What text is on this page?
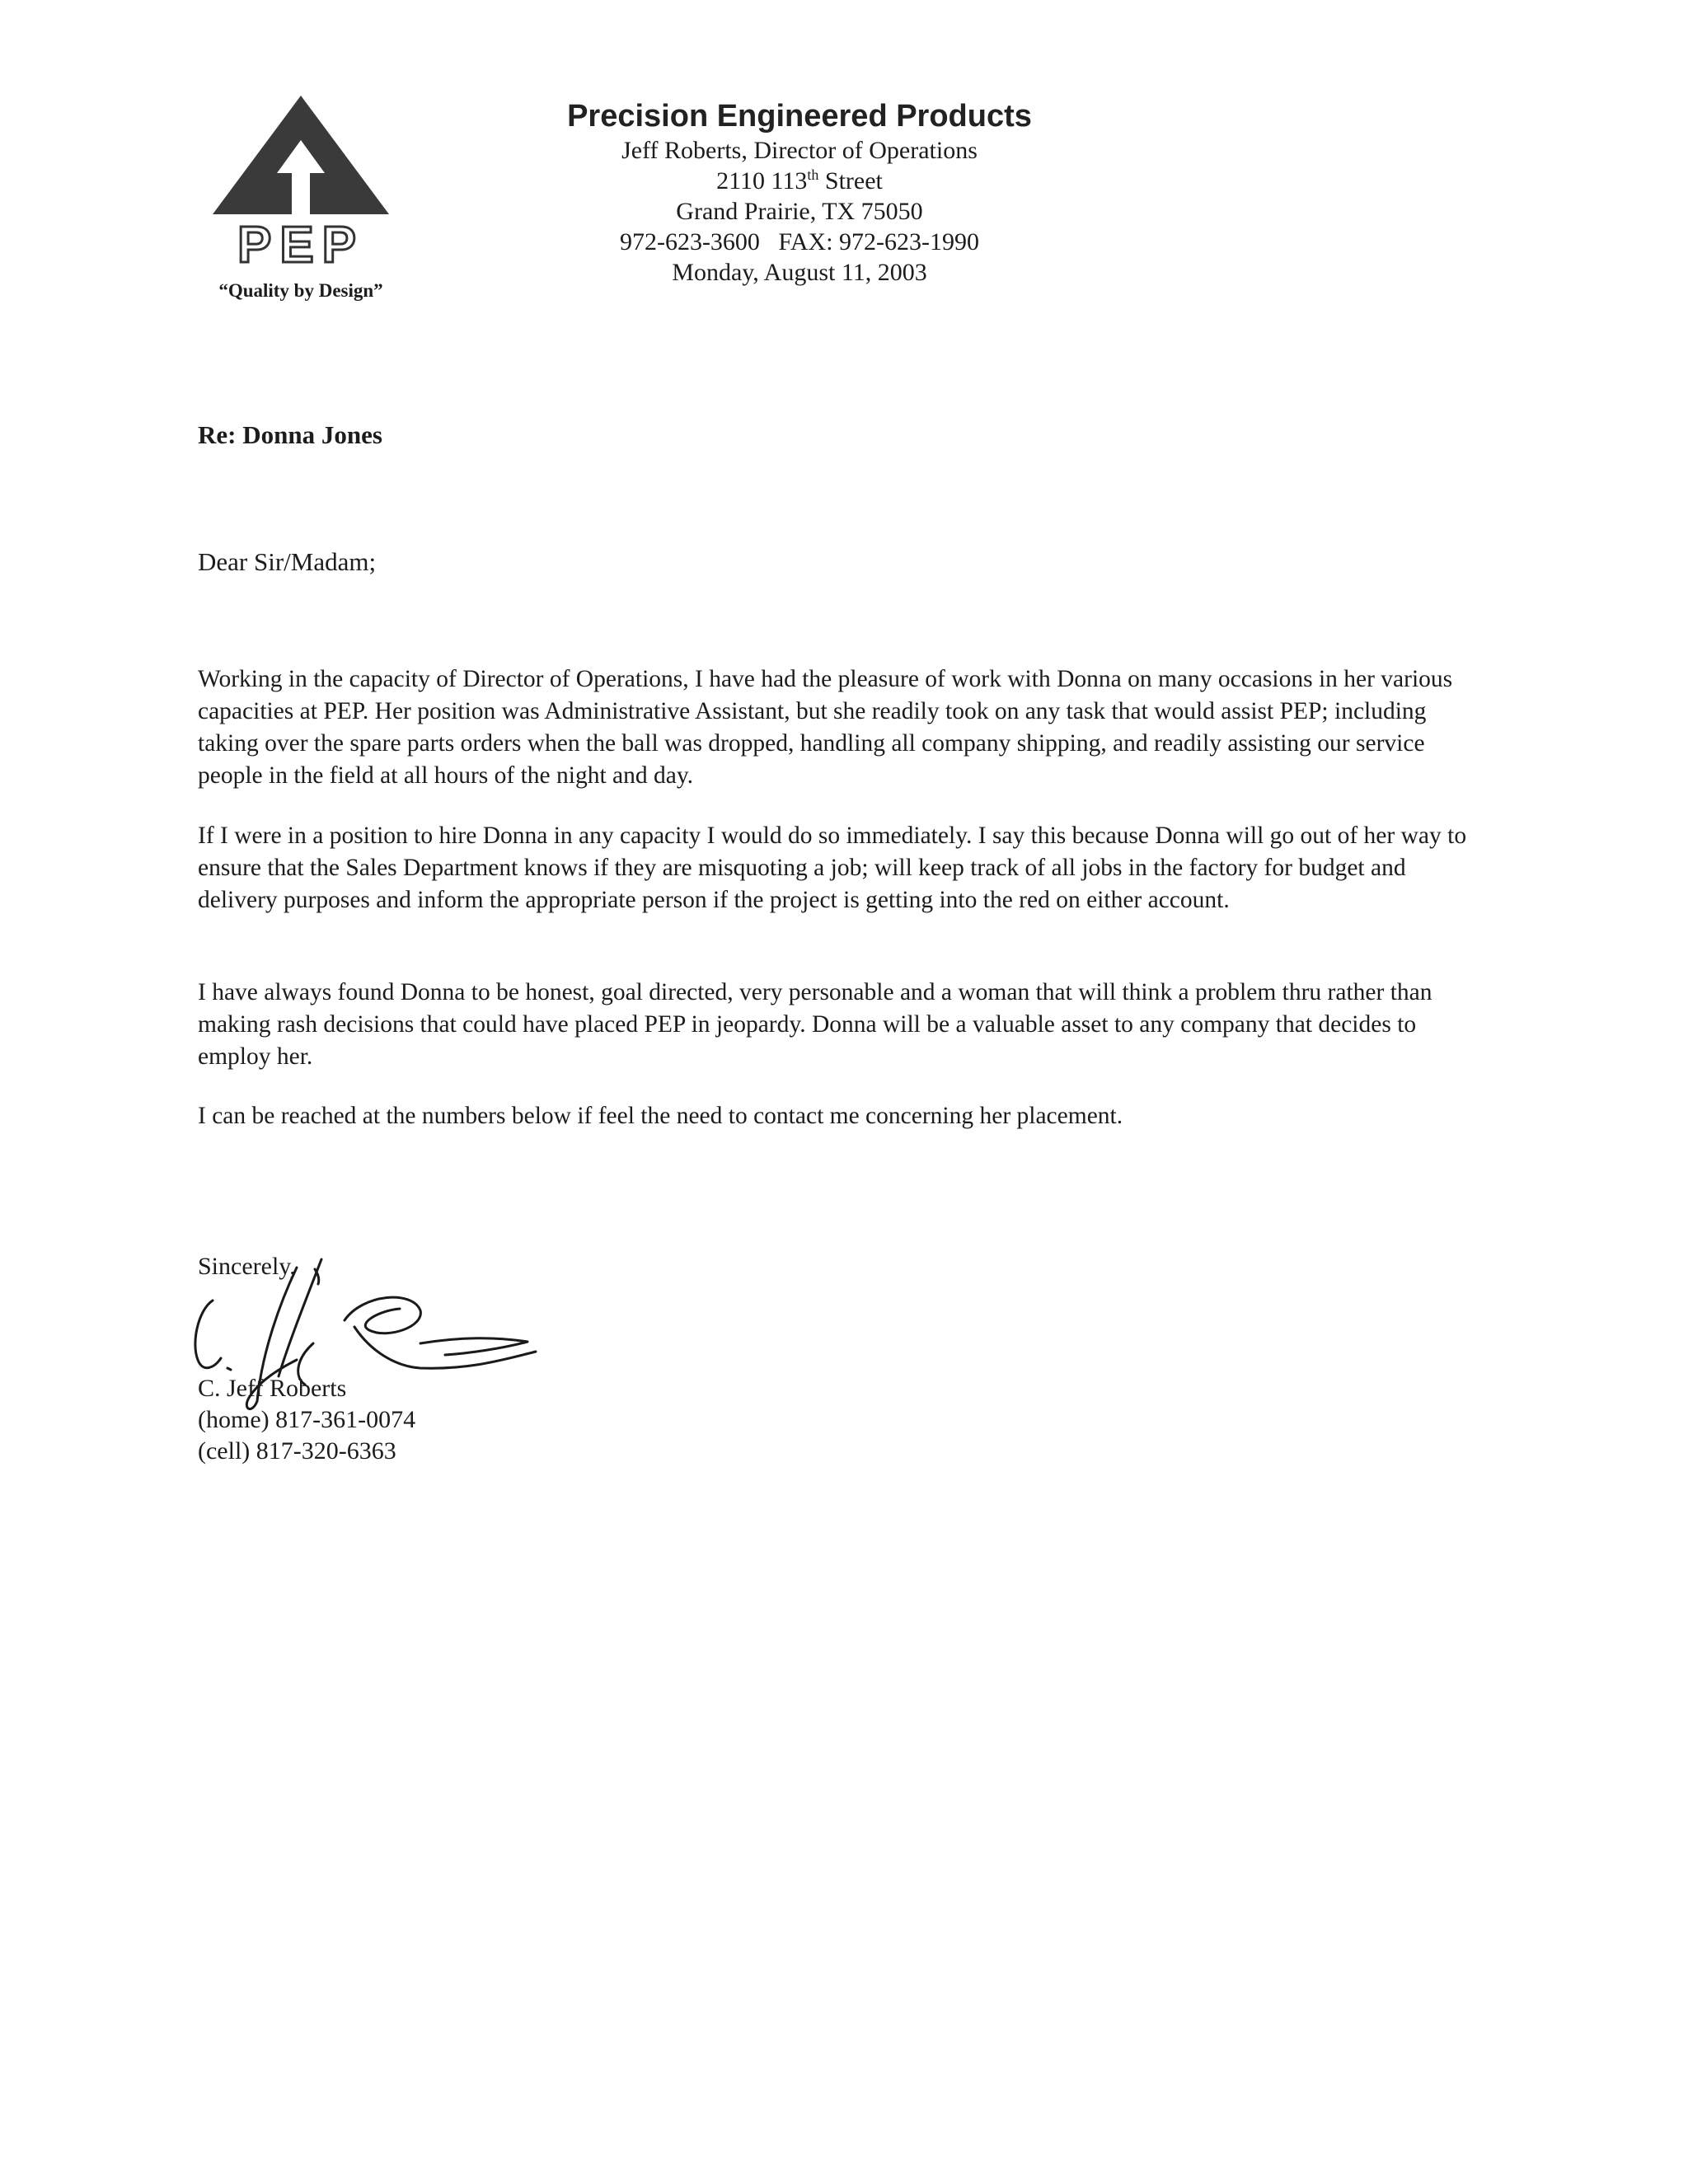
PEP
“Quality by Design”
Precision Engineered Products
Jeff Roberts, Director of Operations
2110 113th Street
Grand Prairie, TX 75050
972-623-3600   FAX: 972-623-1990
Monday, August 11, 2003
Re: Donna Jones
Dear Sir/Madam;
Working in the capacity of Director of Operations, I have had the pleasure of work with Donna on many occasions in her various capacities at PEP. Her position was Administrative Assistant, but she readily took on any task that would assist PEP; including taking over the spare parts orders when the ball was dropped, handling all company shipping, and readily assisting our service people in the field at all hours of the night and day.
If I were in a position to hire Donna in any capacity I would do so immediately. I say this because Donna will go out of her way to ensure that the Sales Department knows if they are misquoting a job; will keep track of all jobs in the factory for budget and delivery purposes and inform the appropriate person if the project is getting into the red on either account.
I have always found Donna to be honest, goal directed, very personable and a woman that will think a problem thru rather than making rash decisions that could have placed PEP in jeopardy. Donna will be a valuable asset to any company that decides to employ her.
I can be reached at the numbers below if feel the need to contact me concerning her placement.
Sincerely,
C. Jeff Roberts
(home) 817-361-0074
(cell) 817-320-6363
